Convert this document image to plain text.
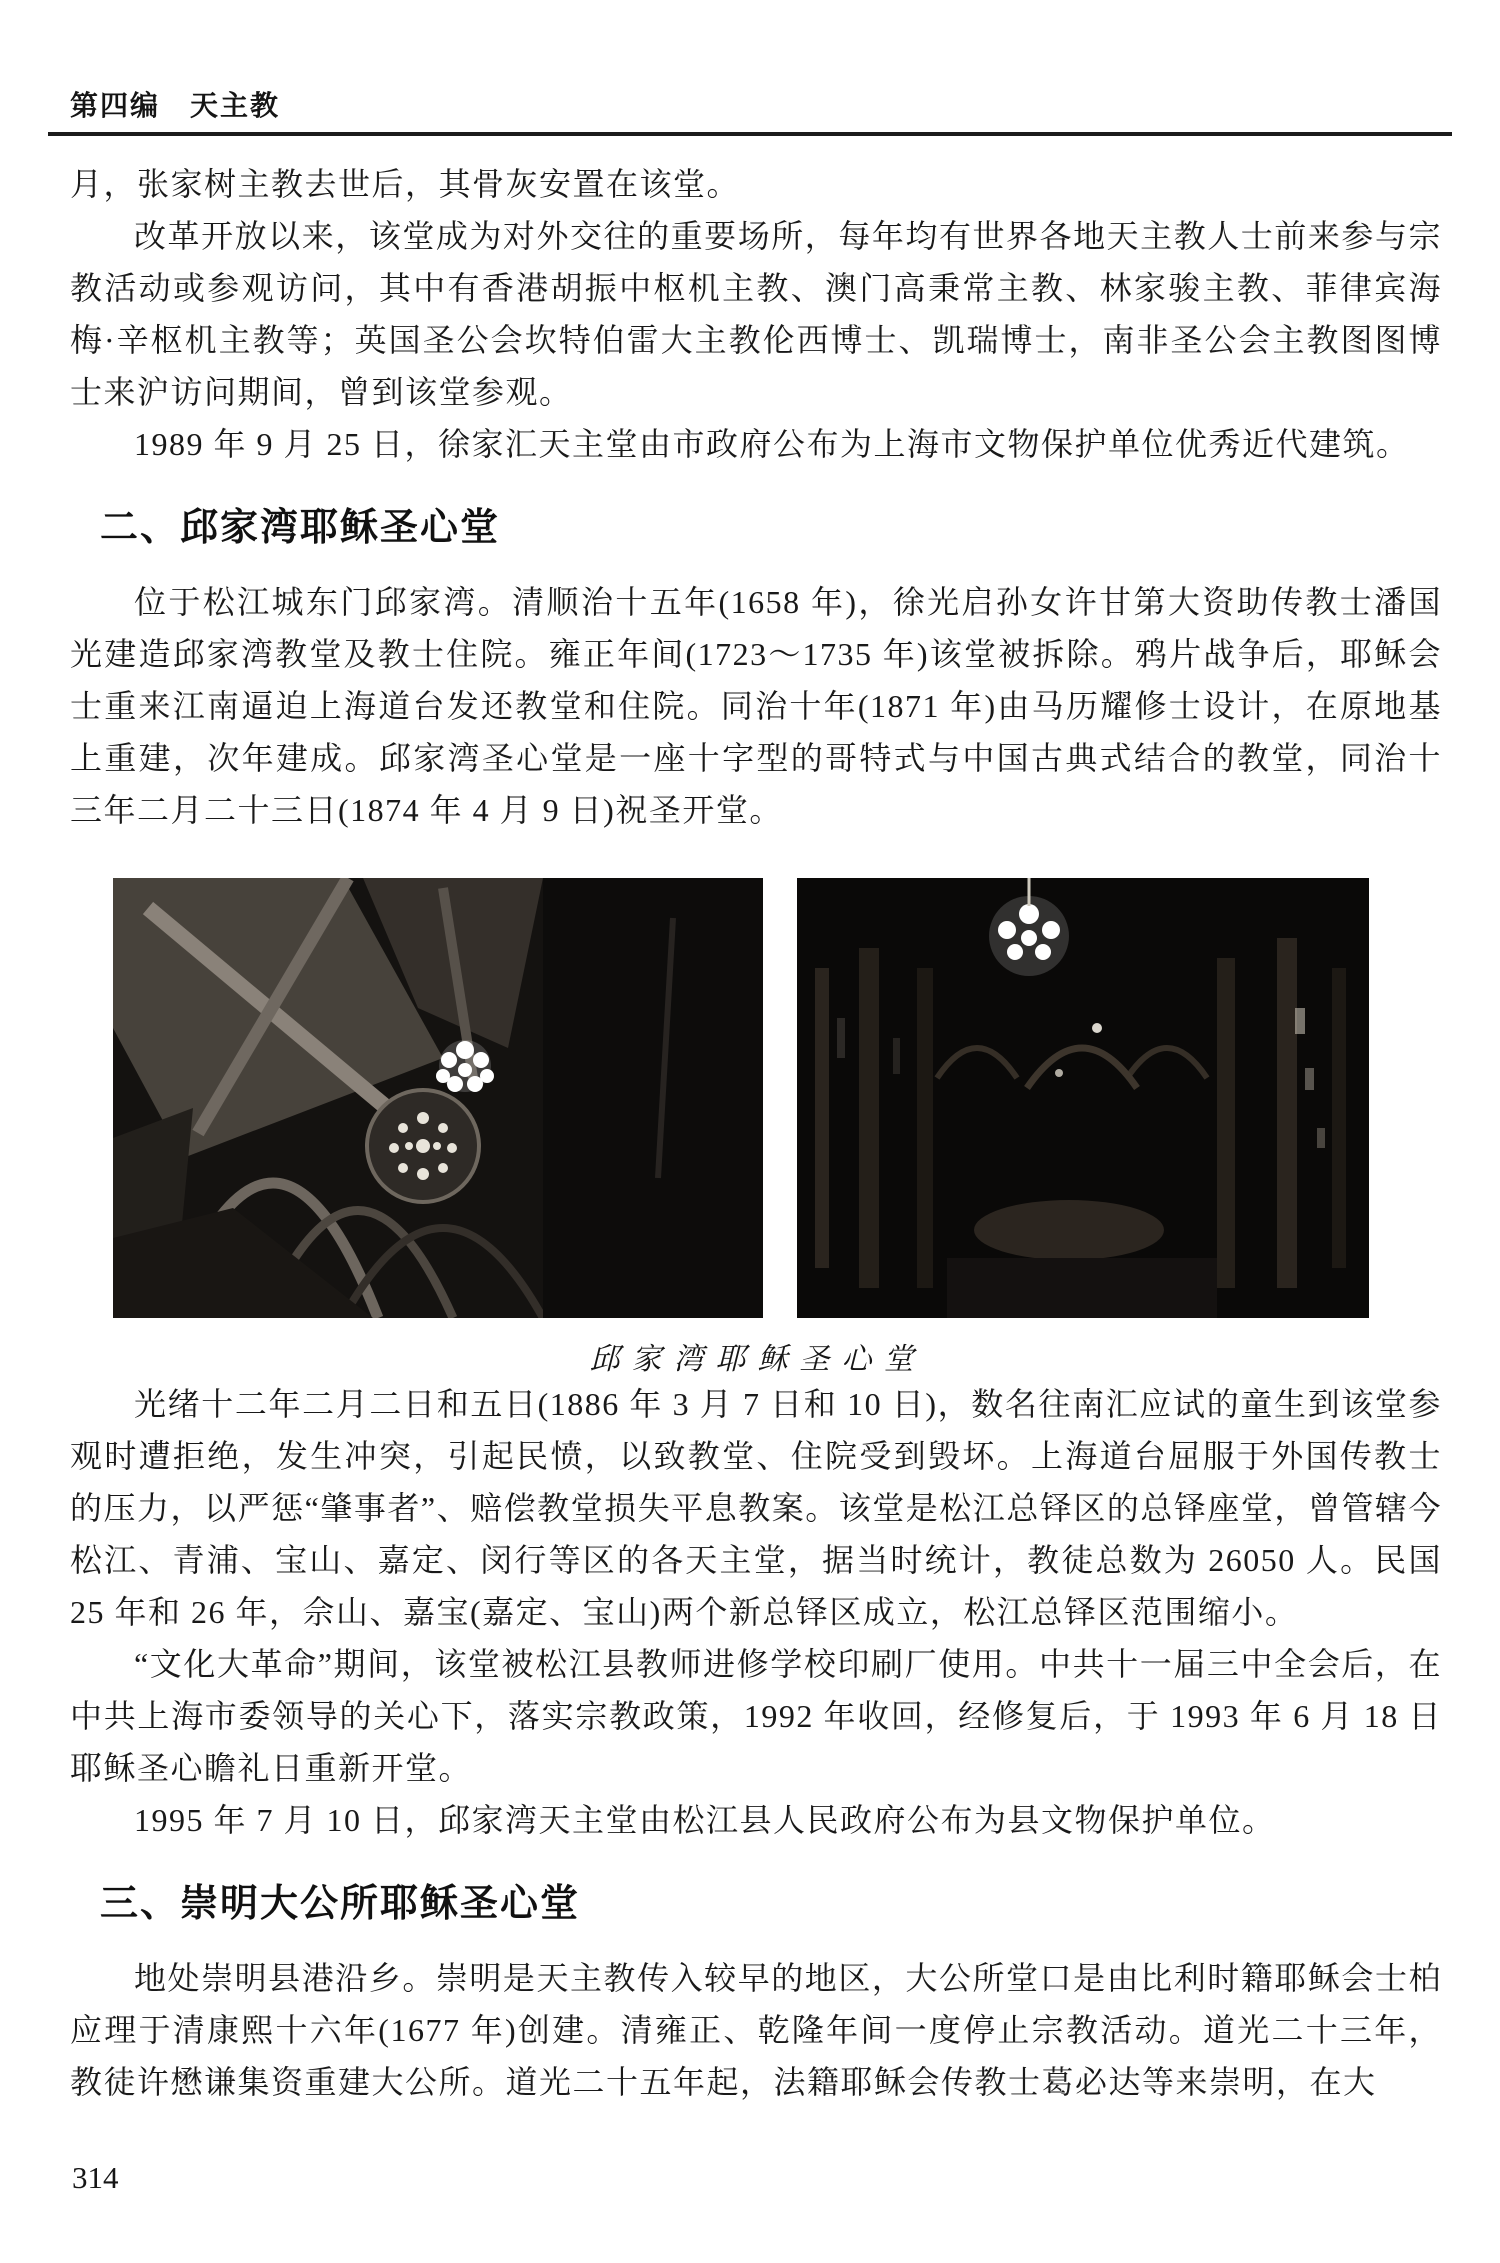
第四编　天主教

月，张家树主教去世后，其骨灰安置在该堂。

改革开放以来，该堂成为对外交往的重要场所，每年均有世界各地天主教人士前来参与宗教活动或参观访问，其中有香港胡振中枢机主教、澳门高秉常主教、林家骏主教、菲律宾海梅·辛枢机主教等；英国圣公会坎特伯雷大主教伦西博士、凯瑞博士，南非圣公会主教图图博士来沪访问期间，曾到该堂参观。

1989 年 9 月 25 日，徐家汇天主堂由市政府公布为上海市文物保护单位优秀近代建筑。

二、邱家湾耶稣圣心堂

位于松江城东门邱家湾。清顺治十五年(1658 年)，徐光启孙女许甘第大资助传教士潘国光建造邱家湾教堂及教士住院。雍正年间(1723～1735 年)该堂被拆除。鸦片战争后，耶稣会士重来江南逼迫上海道台发还教堂和住院。同治十年(1871 年)由马历耀修士设计，在原地基上重建，次年建成。邱家湾圣心堂是一座十字型的哥特式与中国古典式结合的教堂，同治十三年二月二十三日(1874 年 4 月 9 日)祝圣开堂。

邱家湾耶稣圣心堂

光绪十二年二月二日和五日(1886 年 3 月 7 日和 10 日)，数名往南汇应试的童生到该堂参观时遭拒绝，发生冲突，引起民愤，以致教堂、住院受到毁坏。上海道台屈服于外国传教士的压力，以严惩“肇事者”、赔偿教堂损失平息教案。该堂是松江总铎区的总铎座堂，曾管辖今松江、青浦、宝山、嘉定、闵行等区的各天主堂，据当时统计，教徒总数为 26050 人。民国 25 年和 26 年，佘山、嘉宝(嘉定、宝山)两个新总铎区成立，松江总铎区范围缩小。

“文化大革命”期间，该堂被松江县教师进修学校印刷厂使用。中共十一届三中全会后，在中共上海市委领导的关心下，落实宗教政策，1992 年收回，经修复后，于 1993 年 6 月 18 日耶稣圣心瞻礼日重新开堂。

1995 年 7 月 10 日，邱家湾天主堂由松江县人民政府公布为县文物保护单位。

三、崇明大公所耶稣圣心堂

地处崇明县港沿乡。崇明是天主教传入较早的地区，大公所堂口是由比利时籍耶稣会士柏应理于清康熙十六年(1677 年)创建。清雍正、乾隆年间一度停止宗教活动。道光二十三年，教徒许懋谦集资重建大公所。道光二十五年起，法籍耶稣会传教士葛必达等来崇明，在大

314
